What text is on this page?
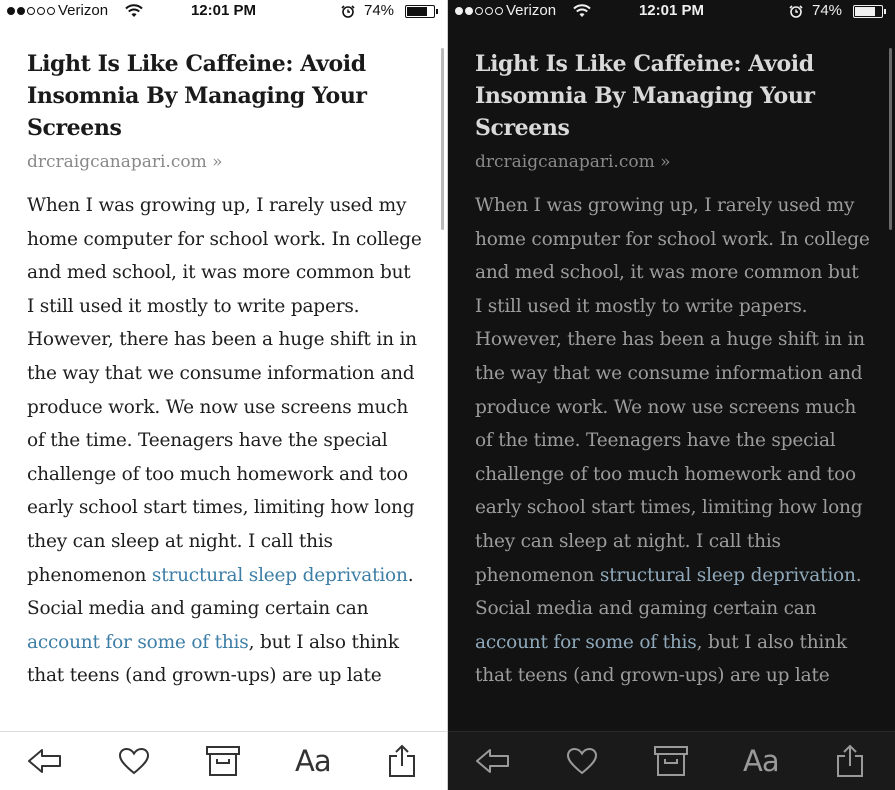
Verizon	12:01 PM	74%
Light Is Like Caffeine: Avoid Insomnia By Managing Your Screens
drcraigcanapari.com »

When I was growing up, I rarely used my home computer for school work. In college and med school, it was more common but I still used it mostly to write papers. However, there has been a huge shift in in the way that we consume information and produce work. We now use screens much of the time. Teenagers have the special challenge of too much homework and too early school start times, limiting how long they can sleep at night. I call this phenomenon structural sleep deprivation. Social media and gaming certain can account for some of this, but I also think that teens (and grown-ups) are up late

Aa
Verizon	12:01 PM	74%
Light Is Like Caffeine: Avoid Insomnia By Managing Your Screens
drcraigcanapari.com »

When I was growing up, I rarely used my home computer for school work. In college and med school, it was more common but I still used it mostly to write papers. However, there has been a huge shift in in the way that we consume information and produce work. We now use screens much of the time. Teenagers have the special challenge of too much homework and too early school start times, limiting how long they can sleep at night. I call this phenomenon structural sleep deprivation. Social media and gaming certain can account for some of this, but I also think that teens (and grown-ups) are up late

Aa
